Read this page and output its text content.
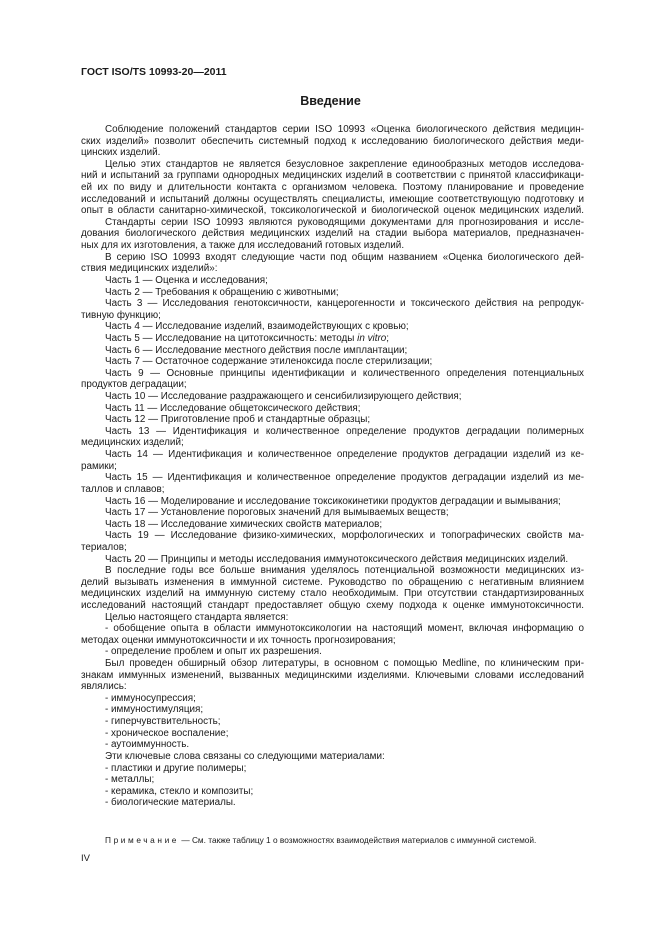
ГОСТ ISO/TS 10993-20—2011
Введение
Соблюдение положений стандартов серии ISO 10993 «Оценка биологического действия медицин-
ских изделий» позволит обеспечить системный подход к исследованию биологического действия меди-
цинских изделий.
Целью этих стандартов не является безусловное закрепление единообразных методов исследова-
ний и испытаний за группами однородных медицинских изделий в соответствии с принятой классификаци-
ей их по виду и длительности контакта с организмом человека. Поэтому планирование и проведение
исследований и испытаний должны осуществлять специалисты, имеющие соответствующую подготовку и
опыт в области санитарно-химической, токсикологической и биологической оценок медицинских изделий.
Стандарты серии ISO 10993 являются руководящими документами для прогнозирования и иссле-
дования биологического действия медицинских изделий на стадии выбора материалов, предназначен-
ных для их изготовления, а также для исследований готовых изделий.
В серию ISO 10993 входят следующие части под общим названием «Оценка биологического дей-
ствия медицинских изделий»:
Часть 1 — Оценка и исследования;
Часть 2 — Требования к обращению с животными;
Часть 3 — Исследования генотоксичности, канцерогенности и токсического действия на репродук-
тивную функцию;
Часть 4 — Исследование изделий, взаимодействующих с кровью;
Часть 5 — Исследование на цитотоксичность: методы in vitro;
Часть 6 — Исследование местного действия после имплантации;
Часть 7 — Остаточное содержание этиленоксида после стерилизации;
Часть 9 — Основные принципы идентификации и количественного определения потенциальных
продуктов деградации;
Часть 10 — Исследование раздражающего и сенсибилизирующего действия;
Часть 11 — Исследование общетоксического действия;
Часть 12 — Приготовление проб и стандартные образцы;
Часть 13 — Идентификация и количественное определение продуктов деградации полимерных
медицинских изделий;
Часть 14 — Идентификация и количественное определение продуктов деградации изделий из ке-
рамики;
Часть 15 — Идентификация и количественное определение продуктов деградации изделий из ме-
таллов и сплавов;
Часть 16 — Моделирование и исследование токсикокинетики продуктов деградации и вымывания;
Часть 17 — Установление пороговых значений для вымываемых веществ;
Часть 18 — Исследование химических свойств материалов;
Часть 19 — Исследование физико-химических, морфологических и топографических свойств ма-
териалов;
Часть 20 — Принципы и методы исследования иммунотоксического действия медицинских изделий.
В последние годы все больше внимания уделялось потенциальной возможности медицинских из-
делий вызывать изменения в иммунной системе. Руководство по обращению с негативным влиянием
медицинских изделий на иммунную систему стало необходимым. При отсутствии стандартизированных
исследований настоящий стандарт предоставляет общую схему подхода к оценке иммунотоксичности.
Целью настоящего стандарта является:
- обобщение опыта в области иммунотоксикологии на настоящий момент, включая информацию о
методах оценки иммунотоксичности и их точность прогнозирования;
- определение проблем и опыт их разрешения.
Был проведен обширный обзор литературы, в основном с помощью Medline, по клиническим при-
знакам иммунных изменений, вызванных медицинскими изделиями. Ключевыми словами исследований
являлись:
- иммуносупрессия;
- иммуностимуляция;
- гиперчувствительность;
- хроническое воспаление;
- аутоиммунность.
Эти ключевые слова связаны со следующими материалами:
- пластики и другие полимеры;
- металлы;
- керамика, стекло и композиты;
- биологические материалы.
Примечание — См. также таблицу 1 о возможностях взаимодействия материалов с иммунной системой.
IV
